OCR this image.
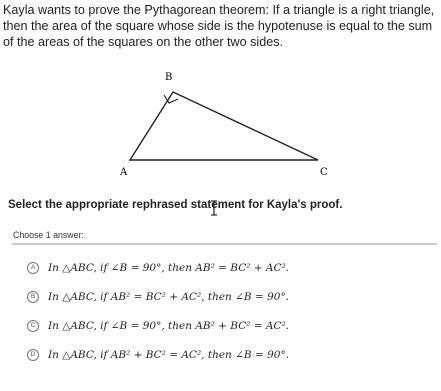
Kayla wants to prove the Pythagorean theorem: If a triangle is a right triangle, then the area of the square whose side is the hypotenuse is equal to the sum of the areas of the squares on the other two sides.
B
A	C
Select the appropriate rephrased statement for Kayla's proof.
Choose 1 answer:
A	In △ABC, if ∠B = 90°, then AB² = BC² + AC².
B	In △ABC, if AB² = BC² + AC², then ∠B = 90°.
C	In △ABC, if ∠B = 90°, then AB² + BC² = AC².
D	In △ABC, if AB² + BC² = AC², then ∠B = 90°.
